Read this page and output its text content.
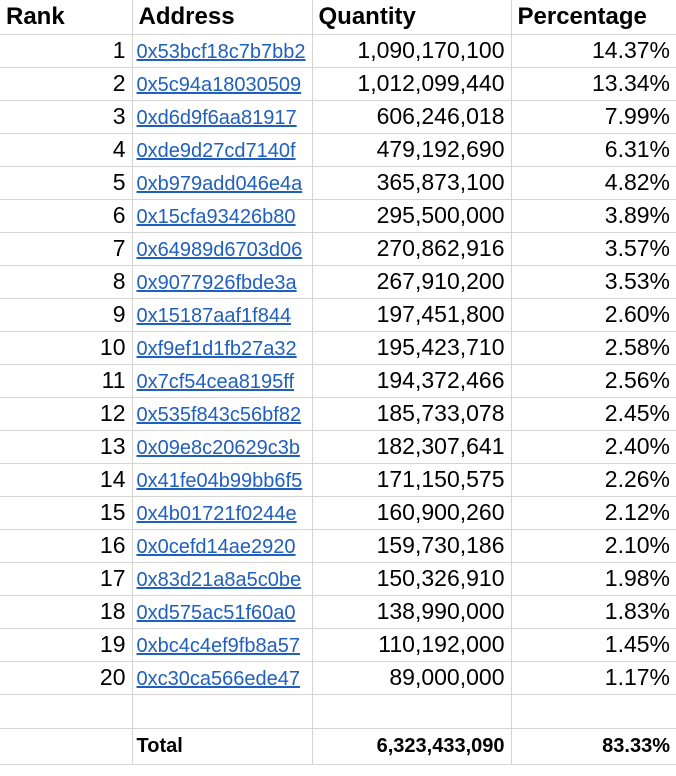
Rank	Address	Quantity	Percentage
1	0x53bcf18c7b7bb2	1,090,170,100	14.37%
2	0x5c94a18030509	1,012,099,440	13.34%
3	0xd6d9f6aa81917	606,246,018	7.99%
4	0xde9d27cd7140f	479,192,690	6.31%
5	0xb979add046e4a	365,873,100	4.82%
6	0x15cfa93426b80	295,500,000	3.89%
7	0x64989d6703d06	270,862,916	3.57%
8	0x9077926fbde3a	267,910,200	3.53%
9	0x15187aaf1f844	197,451,800	2.60%
10	0xf9ef1d1fb27a32	195,423,710	2.58%
11	0x7cf54cea8195ff	194,372,466	2.56%
12	0x535f843c56bf82	185,733,078	2.45%
13	0x09e8c20629c3b	182,307,641	2.40%
14	0x41fe04b99bb6f5	171,150,575	2.26%
15	0x4b01721f0244e	160,900,260	2.12%
16	0x0cefd14ae2920	159,730,186	2.10%
17	0x83d21a8a5c0be	150,326,910	1.98%
18	0xd575ac51f60a0	138,990,000	1.83%
19	0xbc4c4ef9fb8a57	110,192,000	1.45%
20	0xc30ca566ede47	89,000,000	1.17%

	Total	6,323,433,090	83.33%
